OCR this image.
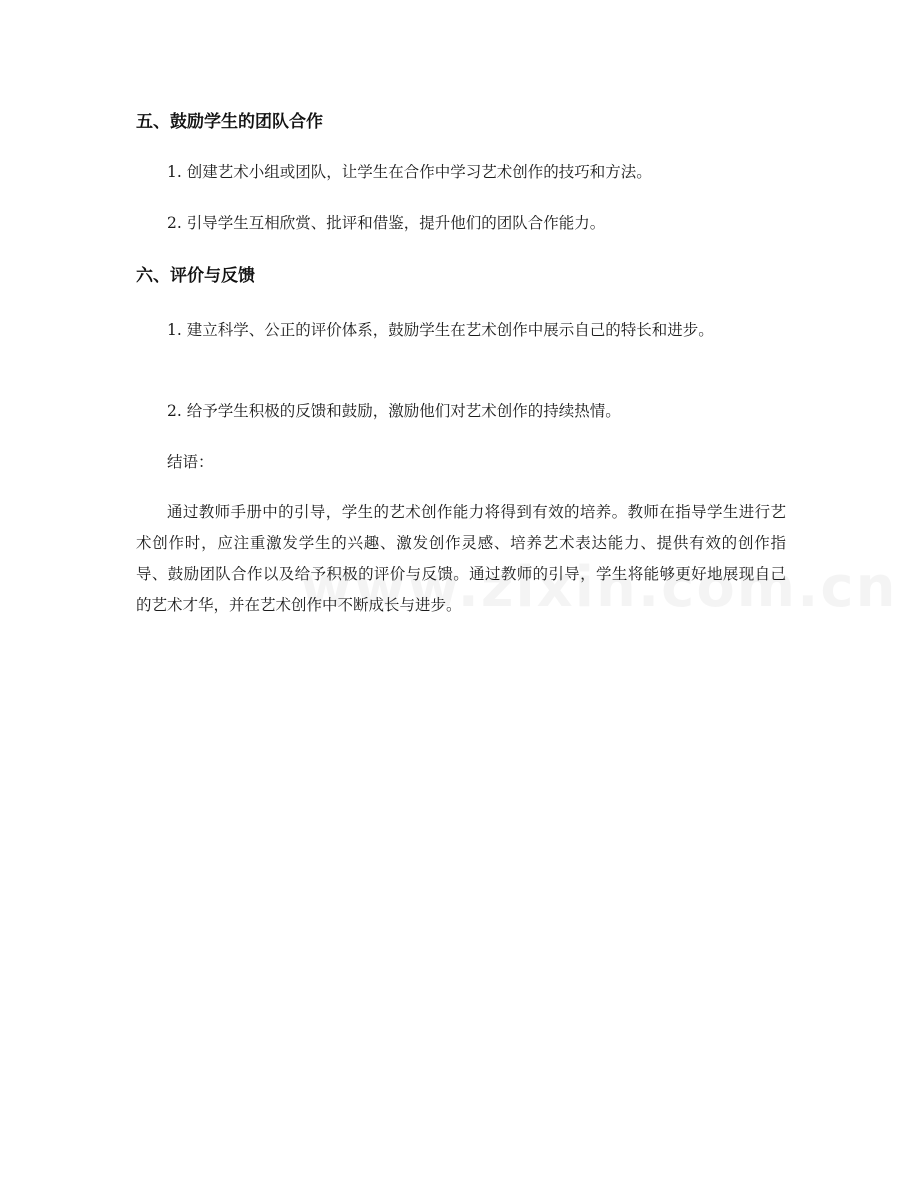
五、鼓励学生的团队合作
1. 创建艺术小组或团队，让学生在合作中学习艺术创作的技巧和方法。
2. 引导学生互相欣赏、批评和借鉴，提升他们的团队合作能力。
六、评价与反馈
1. 建立科学、公正的评价体系，鼓励学生在艺术创作中展示自己的特长和进步。
2. 给予学生积极的反馈和鼓励，激励他们对艺术创作的持续热情。
结语：
通过教师手册中的引导，学生的艺术创作能力将得到有效的培养。教师在指导学生进行艺术创作时，应注重激发学生的兴趣、激发创作灵感、培养艺术表达能力、提供有效的创作指导、鼓励团队合作以及给予积极的评价与反馈。通过教师的引导，学生将能够更好地展现自己的艺术才华，并在艺术创作中不断成长与进步。
